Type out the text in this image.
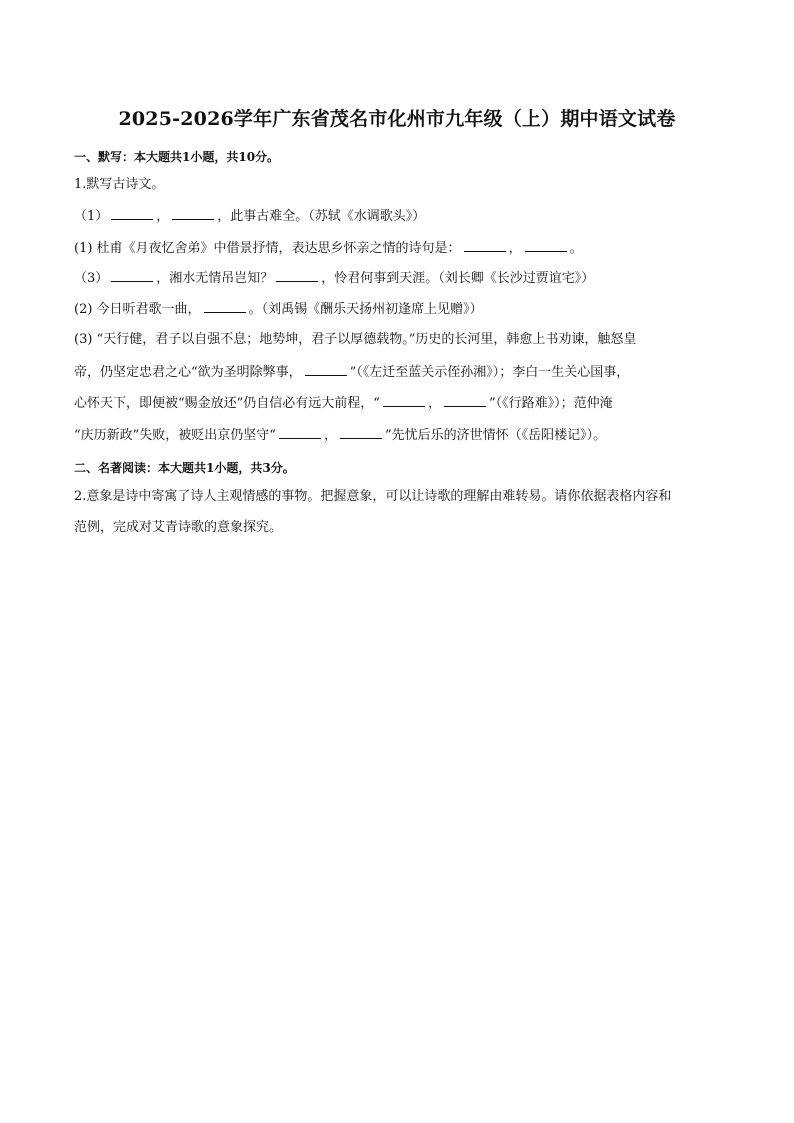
2025-2026学年广东省茂名市化州市九年级（上）期中语文试卷
一、默写：本大题共1小题，共10分。
1.默写古诗文。
（1）	，	，此事古难全。（苏轼《水调歌头》）
(1) 杜甫《月夜忆舍弟》中借景抒情，表达思乡怀亲之情的诗句是：	，	。
（3）	，湘水无情吊岂知？	，怜君何事到天涯。（刘长卿《长沙过贾谊宅》）
(2) 今日听君歌一曲，	。（刘禹锡《酬乐天扬州初逢席上见赠》）
(3) “天行健，君子以自强不息；地势坤，君子以厚德载物。”历史的长河里，韩愈上书劝谏，触怒皇
帝，仍坚定忠君之心“欲为圣明除弊事，	”（《左迁至蓝关示侄孙湘》）；李白一生关心国事，
心怀天下，即便被“赐金放还”仍自信必有远大前程，“	，	”（《行路难》）；范仲淹
“庆历新政”失败，被贬出京仍坚守“	，	”先忧后乐的济世情怀（《岳阳楼记》）。
二、名著阅读：本大题共1小题，共3分。
2.意象是诗中寄寓了诗人主观情感的事物。把握意象，可以让诗歌的理解由难转易。请你依据表格内容和
范例，完成对艾青诗歌的意象探究。
